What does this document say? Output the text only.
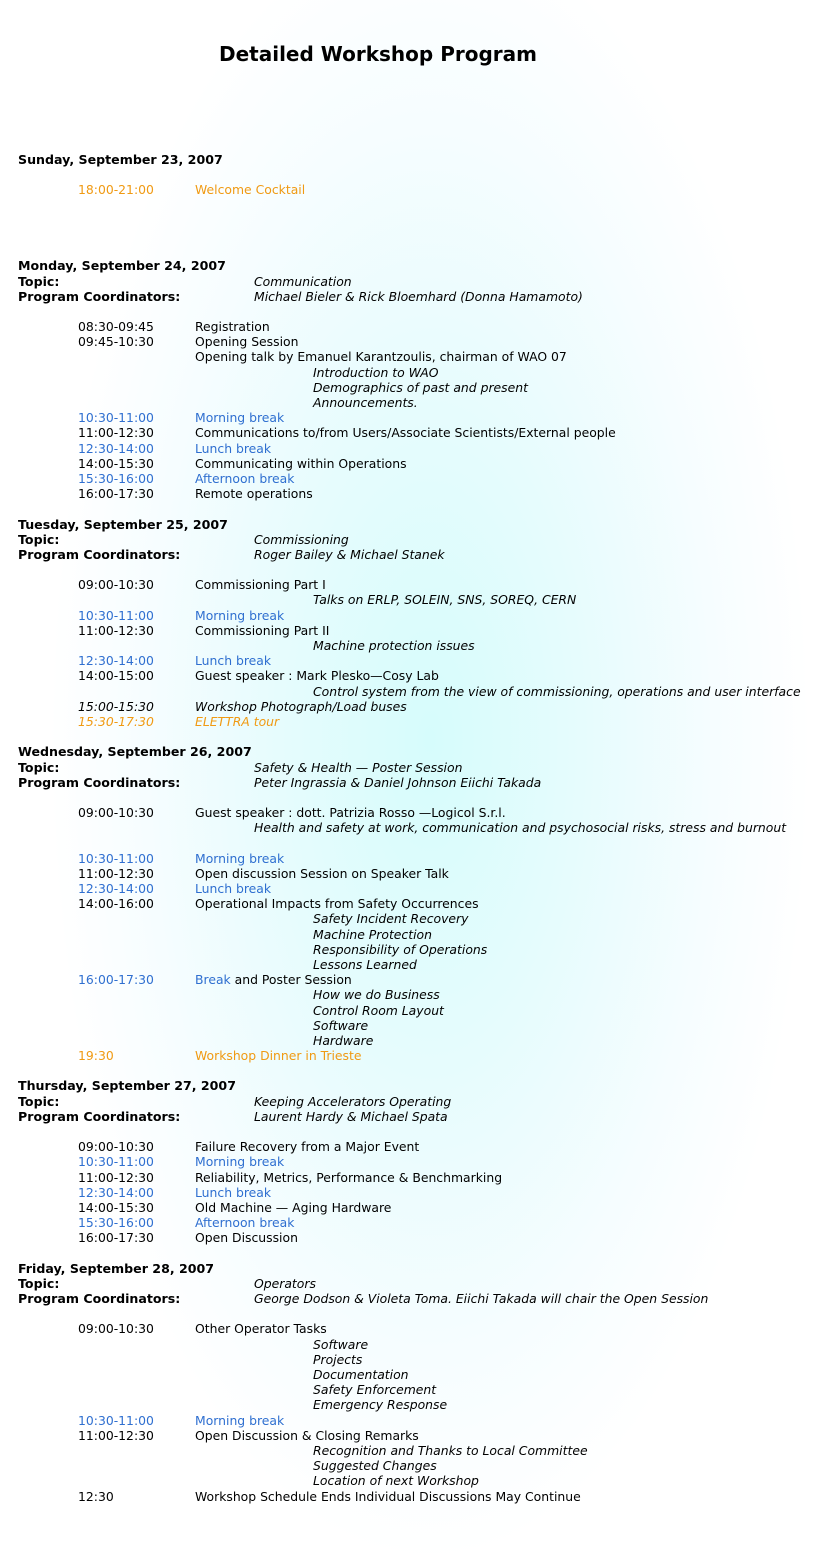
Detailed Workshop Program
Sunday, September 23, 2007
18:00-21:00	Welcome Cocktail
Monday, September 24, 2007
Topic:	Communication
Program Coordinators:	Michael Bieler & Rick Bloemhard (Donna Hamamoto)
08:30-09:45	Registration
09:45-10:30	Opening Session
Opening talk by Emanuel Karantzoulis, chairman of WAO 07
Introduction to WAO
Demographics of past and present
Announcements.
10:30-11:00	Morning break
11:00-12:30	Communications to/from Users/Associate Scientists/External people
12:30-14:00	Lunch break
14:00-15:30	Communicating within Operations
15:30-16:00	Afternoon break
16:00-17:30	Remote operations
Tuesday, September 25, 2007
Topic:	Commissioning
Program Coordinators:	Roger Bailey & Michael Stanek
09:00-10:30	Commissioning Part I
Talks on ERLP, SOLEIN, SNS, SOREQ, CERN
10:30-11:00	Morning break
11:00-12:30	Commissioning Part II
Machine protection issues
12:30-14:00	Lunch break
14:00-15:00	Guest speaker : Mark Plesko—Cosy Lab
Control system from the view of commissioning, operations and user interface
15:00-15:30	Workshop Photograph/Load buses
15:30-17:30	ELETTRA tour
Wednesday, September 26, 2007
Topic:	Safety & Health — Poster Session
Program Coordinators:	Peter Ingrassia & Daniel Johnson Eiichi Takada
09:00-10:30	Guest speaker : dott. Patrizia Rosso —Logicol S.r.l.
Health and safety at work, communication and psychosocial risks, stress and burnout
10:30-11:00	Morning break
11:00-12:30	Open discussion Session on Speaker Talk
12:30-14:00	Lunch break
14:00-16:00	Operational Impacts from Safety Occurrences
Safety Incident Recovery
Machine Protection
Responsibility of Operations
Lessons Learned
16:00-17:30	Break and Poster Session
How we do Business
Control Room Layout
Software
Hardware
19:30	Workshop Dinner in Trieste
Thursday, September 27, 2007
Topic:	Keeping Accelerators Operating
Program Coordinators:	Laurent Hardy & Michael Spata
09:00-10:30	Failure Recovery from a Major Event
10:30-11:00	Morning break
11:00-12:30	Reliability, Metrics, Performance & Benchmarking
12:30-14:00	Lunch break
14:00-15:30	Old Machine — Aging Hardware
15:30-16:00	Afternoon break
16:00-17:30	Open Discussion
Friday, September 28, 2007
Topic:	Operators
Program Coordinators:	George Dodson & Violeta Toma. Eiichi Takada will chair the Open Session
09:00-10:30	Other Operator Tasks
Software
Projects
Documentation
Safety Enforcement
Emergency Response
10:30-11:00	Morning break
11:00-12:30	Open Discussion & Closing Remarks
Recognition and Thanks to Local Committee
Suggested Changes
Location of next Workshop
12:30	Workshop Schedule Ends Individual Discussions May Continue
